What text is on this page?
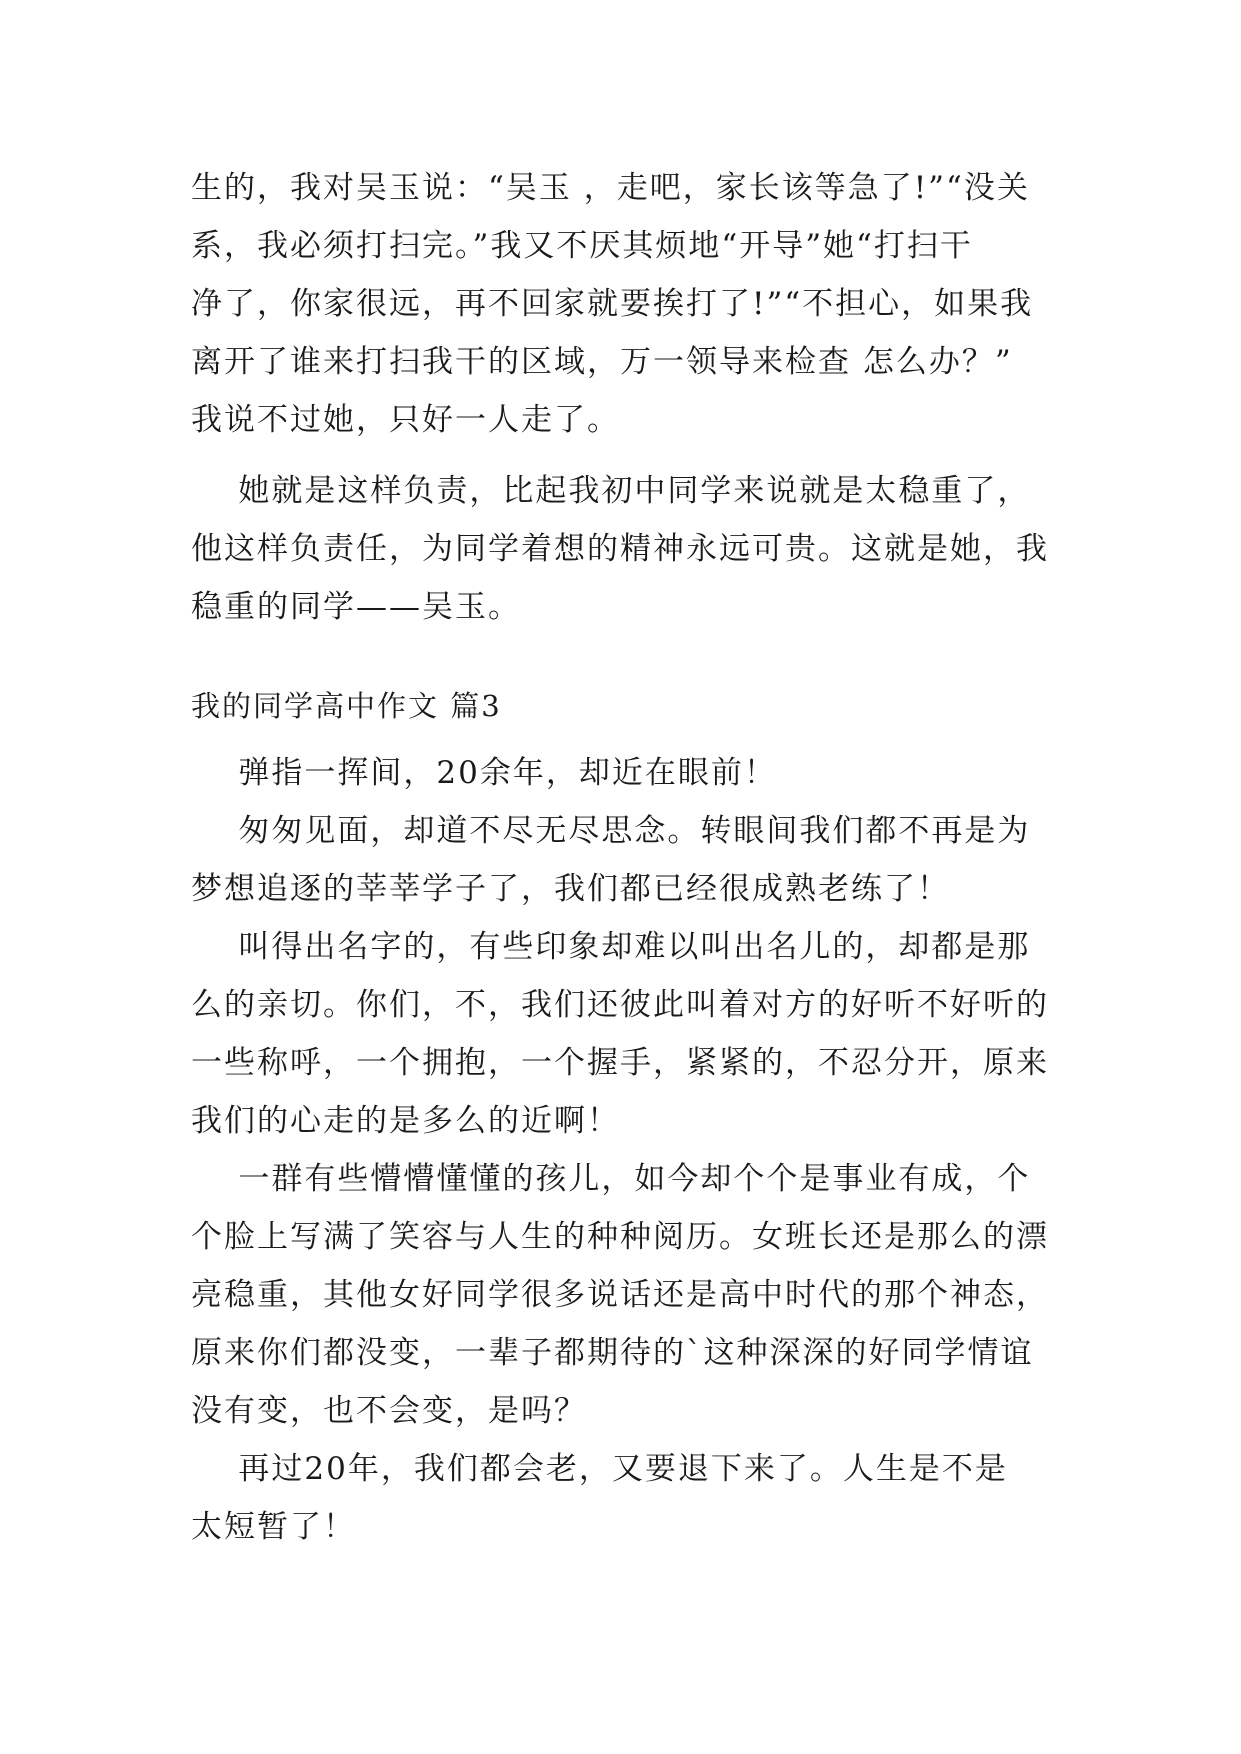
生的，我对吴玉说：“吴玉 ，走吧，家长该等急了!”“没关
系，我必须打扫完。”我又不厌其烦地“开导”她“打扫干
净了，你家很远，再不回家就要挨打了!”“不担心，如果我
离开了谁来打扫我干的区域，万一领导来检查 怎么办？”
我说不过她，只好一人走了。
她就是这样负责，比起我初中同学来说就是太稳重了，
他这样负责任，为同学着想的精神永远可贵。这就是她，我
稳重的同学——吴玉。
我的同学高中作文 篇3
弹指一挥间，20余年，却近在眼前！
匆匆见面，却道不尽无尽思念。转眼间我们都不再是为
梦想追逐的莘莘学子了，我们都已经很成熟老练了！
叫得出名字的，有些印象却难以叫出名儿的，却都是那
么的亲切。你们，不，我们还彼此叫着对方的好听不好听的
一些称呼，一个拥抱，一个握手，紧紧的，不忍分开，原来
我们的心走的是多么的近啊！
一群有些懵懵懂懂的孩儿，如今却个个是事业有成，个
个脸上写满了笑容与人生的种种阅历。女班长还是那么的漂
亮稳重，其他女好同学很多说话还是高中时代的那个神态，
原来你们都没变，一辈子都期待的`这种深深的好同学情谊
没有变，也不会变，是吗？
再过20年，我们都会老，又要退下来了。人生是不是
太短暂了！
